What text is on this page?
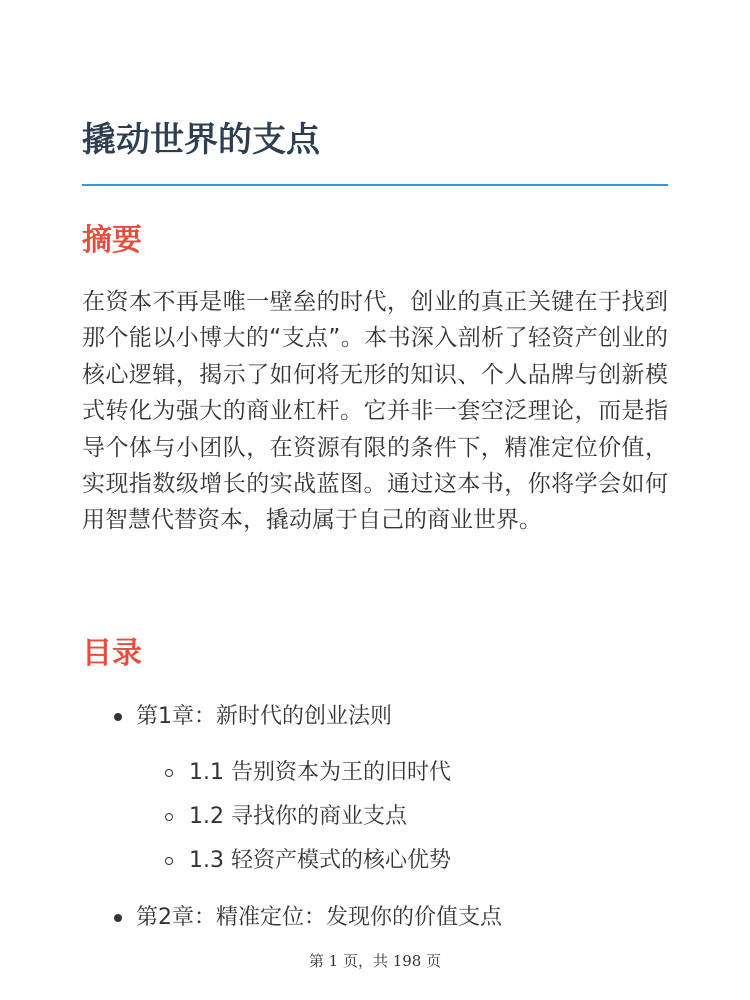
撬动世界的支点
摘要

在资本不再是唯一壁垒的时代，创业的真正关键在于找到那个能以小博大的“支点”。本书深入剖析了轻资产创业的核心逻辑，揭示了如何将无形的知识、个人品牌与创新模式转化为强大的商业杠杆。它并非一套空泛理论，而是指导个体与小团队，在资源有限的条件下，精准定位价值，实现指数级增长的实战蓝图。通过这本书，你将学会如何用智慧代替资本，撬动属于自己的商业世界。

目录
第1章：新时代的创业法则
1.1 告别资本为王的旧时代
1.2 寻找你的商业支点
1.3 轻资产模式的核心优势
第2章：精准定位：发现你的价值支点
第 1 页，共 198 页
